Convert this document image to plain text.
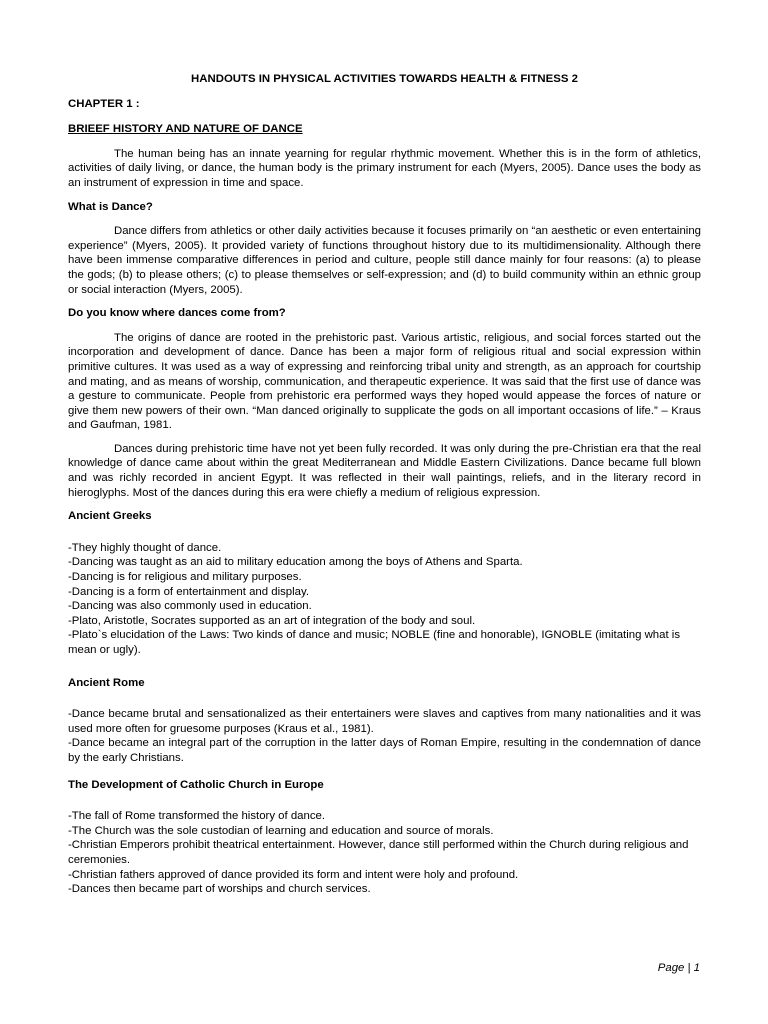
HANDOUTS IN PHYSICAL ACTIVITIES TOWARDS HEALTH & FITNESS 2
CHAPTER 1 :
BRIEEF HISTORY AND NATURE OF DANCE

The human being has an innate yearning for regular rhythmic movement. Whether this is in the form of athletics, activities of daily living, or dance, the human body is the primary instrument for each (Myers, 2005). Dance uses the body as an instrument of expression in time and space.

What is Dance?

Dance differs from athletics or other daily activities because it focuses primarily on “an aesthetic or even entertaining experience” (Myers, 2005). It provided variety of functions throughout history due to its multidimensionality. Although there have been immense comparative differences in period and culture, people still dance mainly for four reasons: (a) to please the gods; (b) to please others; (c) to please themselves or self-expression; and (d) to build community within an ethnic group or social interaction (Myers, 2005).

Do you know where dances come from?

The origins of dance are rooted in the prehistoric past. Various artistic, religious, and social forces started out the incorporation and development of dance. Dance has been a major form of religious ritual and social expression within primitive cultures. It was used as a way of expressing and reinforcing tribal unity and strength, as an approach for courtship and mating, and as means of worship, communication, and therapeutic experience. It was said that the first use of dance was a gesture to communicate. People from prehistoric era performed ways they hoped would appease the forces of nature or give them new powers of their own. “Man danced originally to supplicate the gods on all important occasions of life.” – Kraus and Gaufman, 1981.

Dances during prehistoric time have not yet been fully recorded. It was only during the pre-Christian era that the real knowledge of dance came about within the great Mediterranean and Middle Eastern Civilizations. Dance became full blown and was richly recorded in ancient Egypt. It was reflected in their wall paintings, reliefs, and in the literary record in hieroglyphs. Most of the dances during this era were chiefly a medium of religious expression.

Ancient Greeks
-They highly thought of dance.
-Dancing was taught as an aid to military education among the boys of Athens and Sparta.
-Dancing is for religious and military purposes.
-Dancing is a form of entertainment and display.
-Dancing was also commonly used in education.
-Plato, Aristotle, Socrates supported as an art of integration of the body and soul.
-Plato`s elucidation of the Laws: Two kinds of dance and music; NOBLE (fine and honorable), IGNOBLE (imitating what is mean or ugly).
Ancient Rome
-Dance became brutal and sensationalized as their entertainers were slaves and captives from many nationalities and it was used more often for gruesome purposes (Kraus et al., 1981).
-Dance became an integral part of the corruption in the latter days of Roman Empire, resulting in the condemnation of dance by the early Christians.
The Development of Catholic Church in Europe
-The fall of Rome transformed the history of dance.
-The Church was the sole custodian of learning and education and source of morals.
-Christian Emperors prohibit theatrical entertainment. However, dance still performed within the Church during religious and ceremonies.
-Christian fathers approved of dance provided its form and intent were holy and profound.
-Dances then became part of worships and church services.
Page | 1
